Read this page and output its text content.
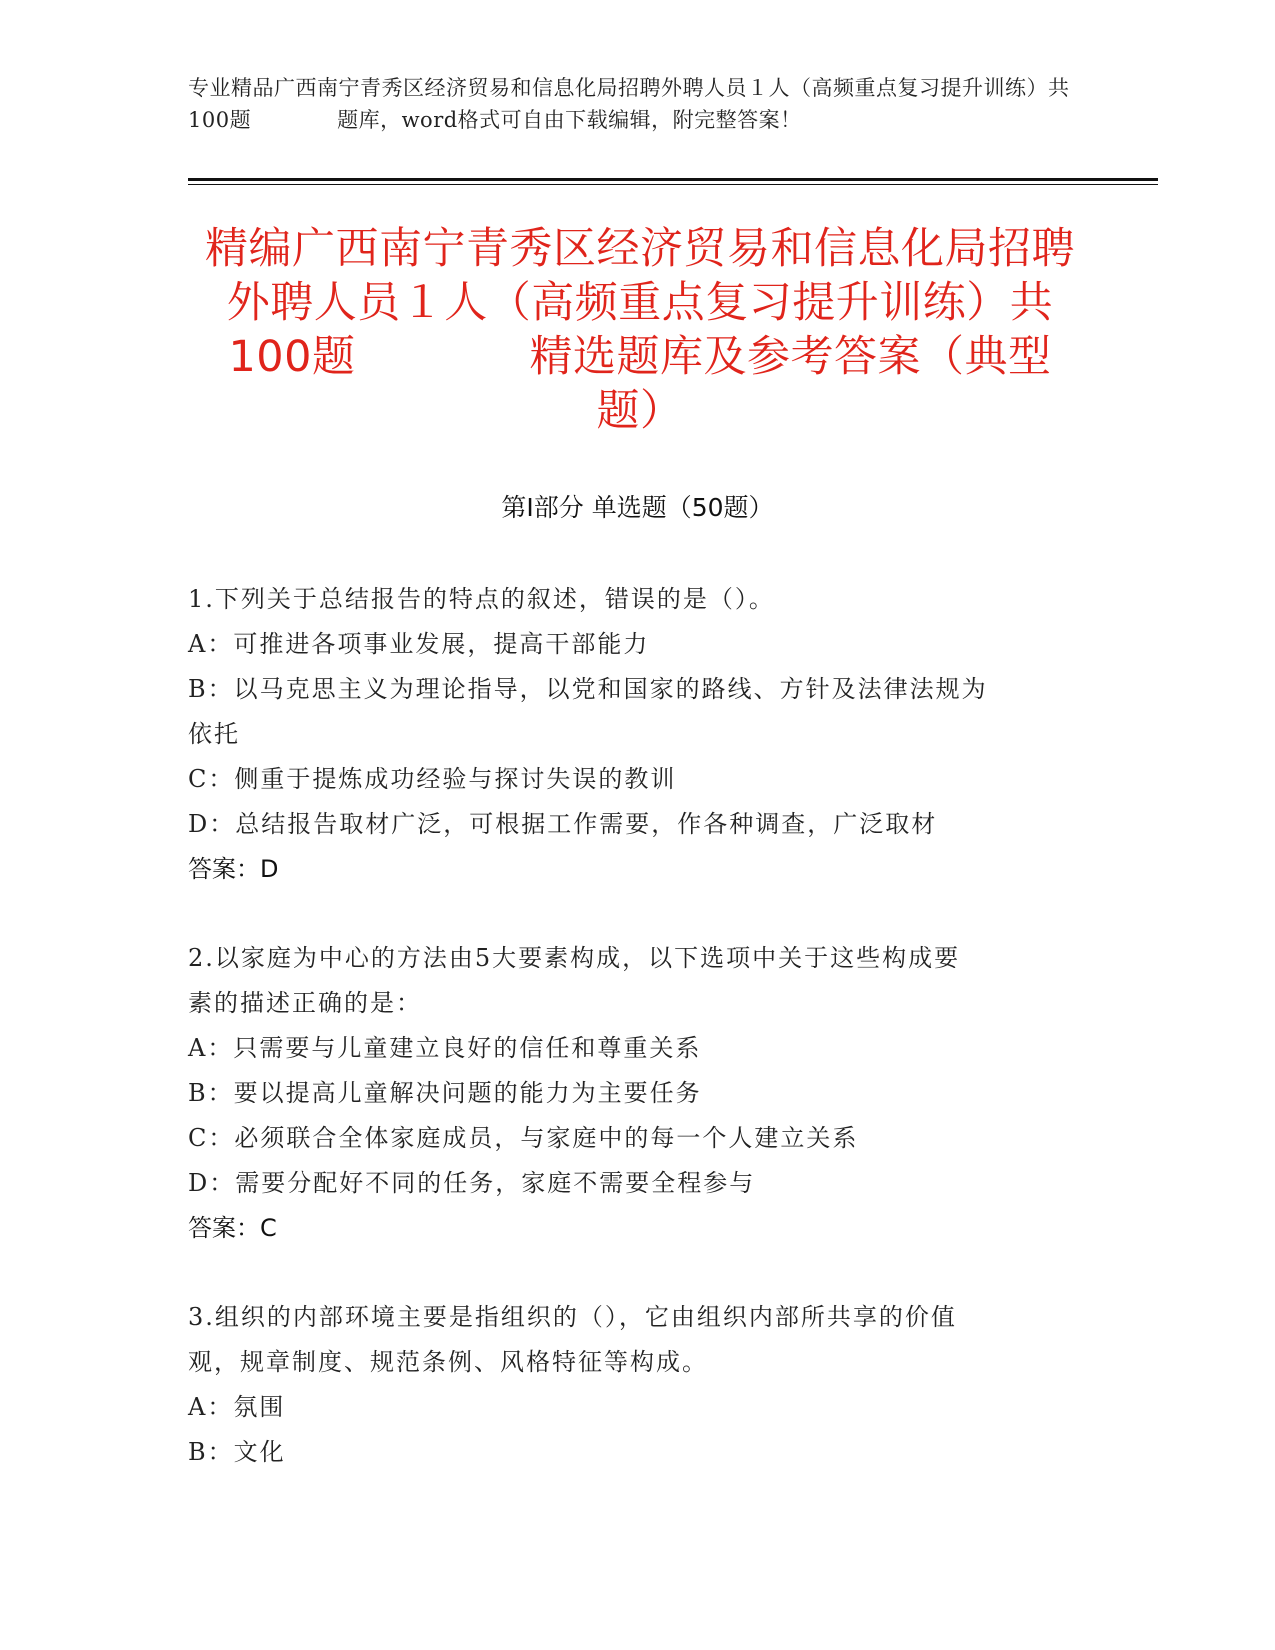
专业精品广西南宁青秀区经济贸易和信息化局招聘外聘人员１人（高频重点复习提升训练）共100题　　　　题库，word格式可自由下载编辑，附完整答案！
精编广西南宁青秀区经济贸易和信息化局招聘外聘人员１人（高频重点复习提升训练）共100题　　　　精选题库及参考答案（典型题）
第Ⅰ部分 单选题（50题）
1.下列关于总结报告的特点的叙述，错误的是（）。
A：可推进各项事业发展，提高干部能力
B：以马克思主义为理论指导，以党和国家的路线、方针及法律法规为
依托
C：侧重于提炼成功经验与探讨失误的教训
D：总结报告取材广泛，可根据工作需要，作各种调查，广泛取材
答案：D
2.以家庭为中心的方法由5大要素构成，以下选项中关于这些构成要
素的描述正确的是：
A：只需要与儿童建立良好的信任和尊重关系
B：要以提高儿童解决问题的能力为主要任务
C：必须联合全体家庭成员，与家庭中的每一个人建立关系
D：需要分配好不同的任务，家庭不需要全程参与
答案：C
3.组织的内部环境主要是指组织的（），它由组织内部所共享的价值
观，规章制度、规范条例、风格特征等构成。
A：氛围
B：文化
